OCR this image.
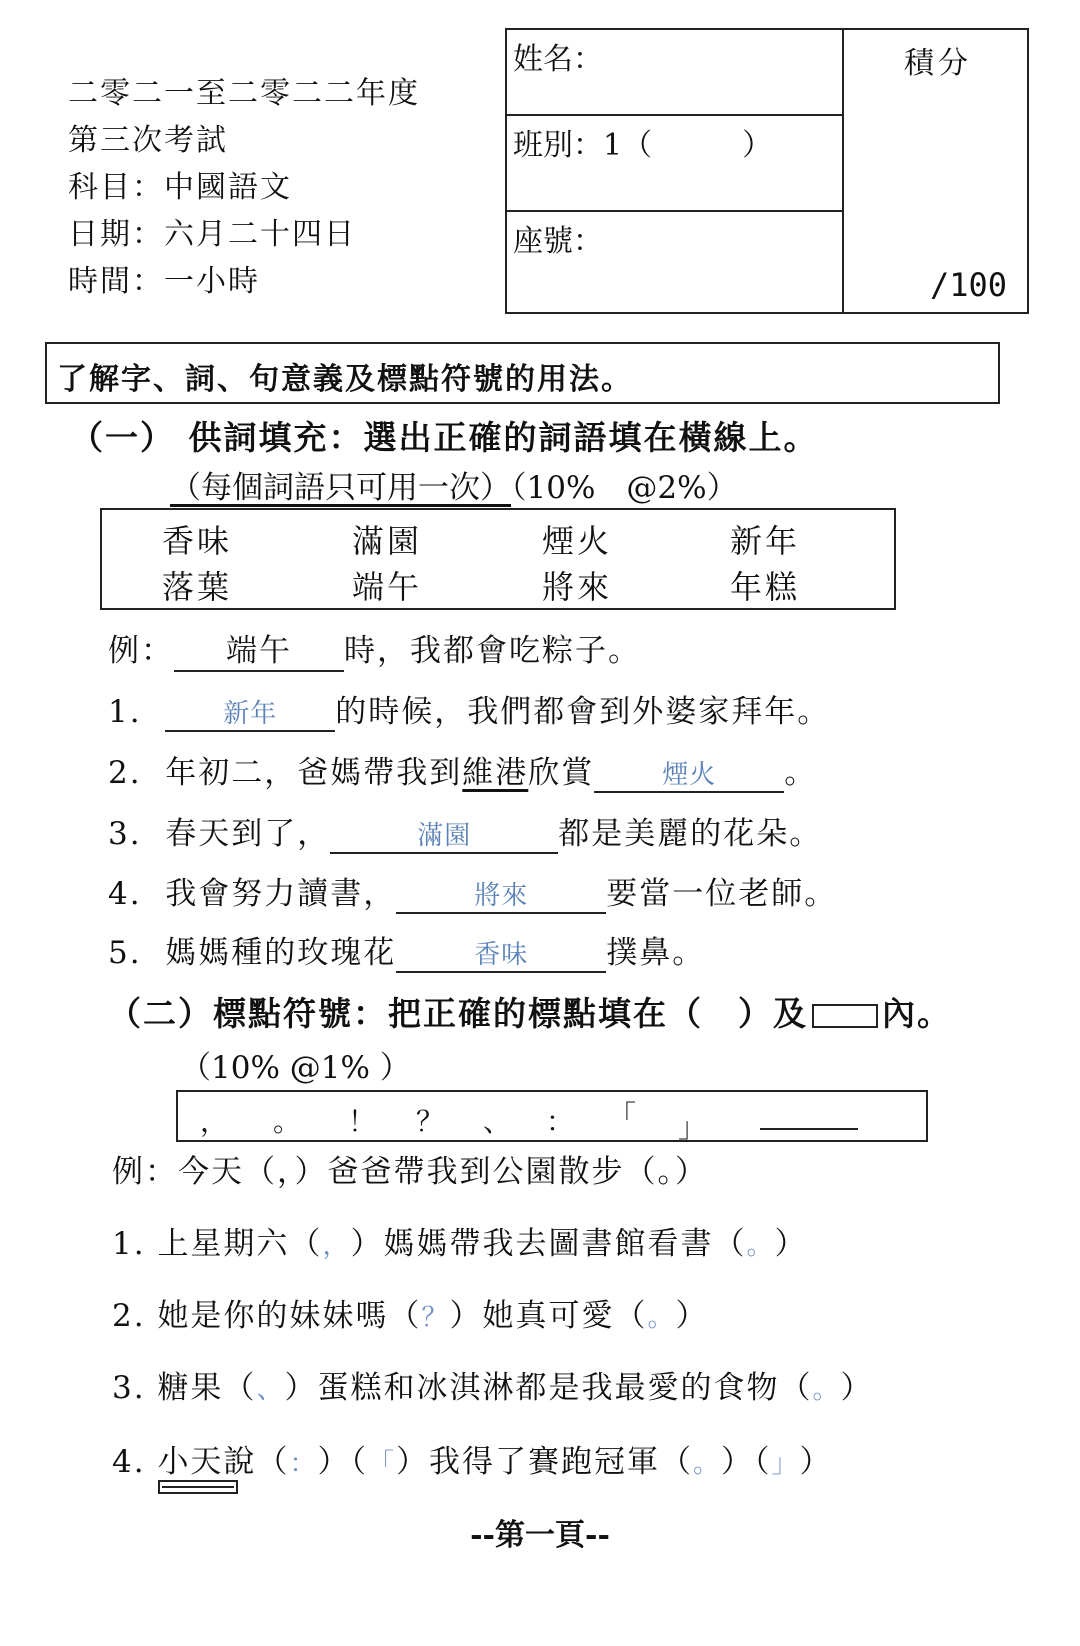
二零二一至二零二二年度
第三次考試
科目：中國語文
日期：六月二十四日
時間：一小時
姓名：
班別：1（　　　）
座號：
積分
/100
了解字、詞、句意義及標點符號的用法。
（一） 供詞填充：選出正確的詞語填在橫線上。
（每個詞語只可用一次）（10%　@2%）
香味	滿園	煙火	新年
落葉	端午	將來	年糕
例： 端午 時，我都會吃粽子。
1.	新年 的時候，我們都會到外婆家拜年。
2. 年初二，爸媽帶我到維港欣賞	煙火 。
3. 春天到了，	滿園	都是美麗的花朵。
4. 我會努力讀書，	將來	要當一位老師。
5. 媽媽種的玫瑰花	香味	撲鼻。
（二）標點符號：把正確的標點填在（　）及 內。
（10% @1% ）
， 。 ！ ？ 、 ： 「 」
例：今天（，）爸爸帶我到公園散步（。）
1. 上星期六（，）媽媽帶我去圖書館看書（。）
2. 她是你的妹妹嗎（？）她真可愛（。）
3. 糖果（、）蛋糕和冰淇淋都是我最愛的食物（。）
4. 小天說（：）（「）我得了賽跑冠軍（。）（」）
--第一頁--
